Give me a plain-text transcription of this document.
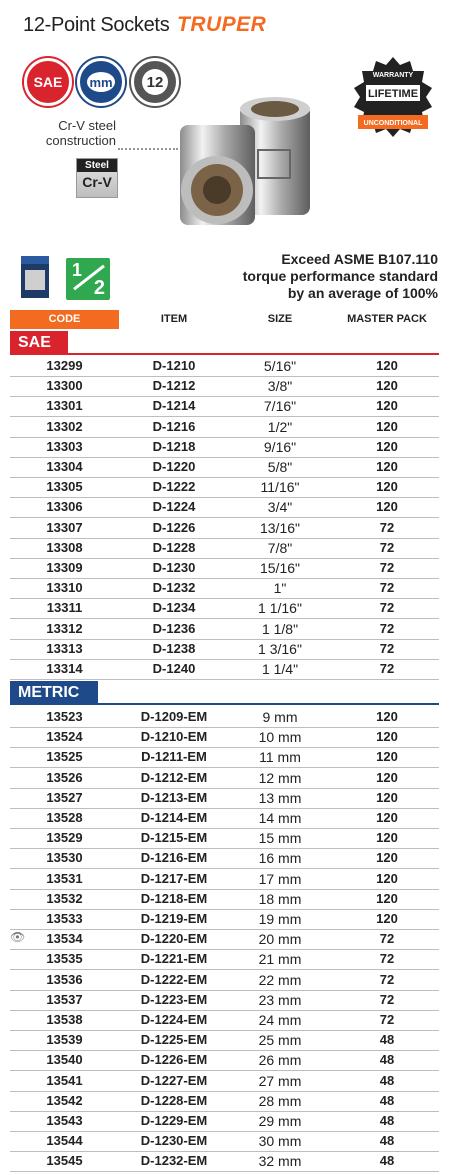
12-Point Sockets TRUPER
SAE mm	12	WARRANTY
LIFETIME
UNCONDITIONAL
Cr-V steel
construction
Steel
Cr-V
1
2
Exceed ASME B107.110
torque performance standard
by an average of 100%
CODE	ITEM	SIZE	MASTER PACK
SAE
13299	D-1210	5/16"	120
13300	D-1212	3/8"	120
13301	D-1214	7/16"	120
13302	D-1216	1/2"	120
13303	D-1218	9/16"	120
13304	D-1220	5/8"	120
13305	D-1222	11/16"	120
13306	D-1224	3/4"	120
13307	D-1226	13/16"	72
13308	D-1228	7/8"	72
13309	D-1230	15/16"	72
13310	D-1232	1"	72
13311	D-1234	1 1/16"	72
13312	D-1236	1 1/8"	72
13313	D-1238	1 3/16"	72
13314	D-1240	1 1/4"	72
METRIC
13523	D-1209-EM	9 mm	120
13524	D-1210-EM	10 mm	120
13525	D-1211-EM	11 mm	120
13526	D-1212-EM	12 mm	120
13527	D-1213-EM	13 mm	120
13528	D-1214-EM	14 mm	120
13529	D-1215-EM	15 mm	120
13530	D-1216-EM	16 mm	120
13531	D-1217-EM	17 mm	120
13532	D-1218-EM	18 mm	120
13533	D-1219-EM	19 mm	120
13534	D-1220-EM	20 mm	72
13535	D-1221-EM	21 mm	72
13536	D-1222-EM	22 mm	72
13537	D-1223-EM	23 mm	72
13538	D-1224-EM	24 mm	72
13539	D-1225-EM	25 mm	48
13540	D-1226-EM	26 mm	48
13541	D-1227-EM	27 mm	48
13542	D-1228-EM	28 mm	48
13543	D-1229-EM	29 mm	48
13544	D-1230-EM	30 mm	48
13545	D-1232-EM	32 mm	48
👁
